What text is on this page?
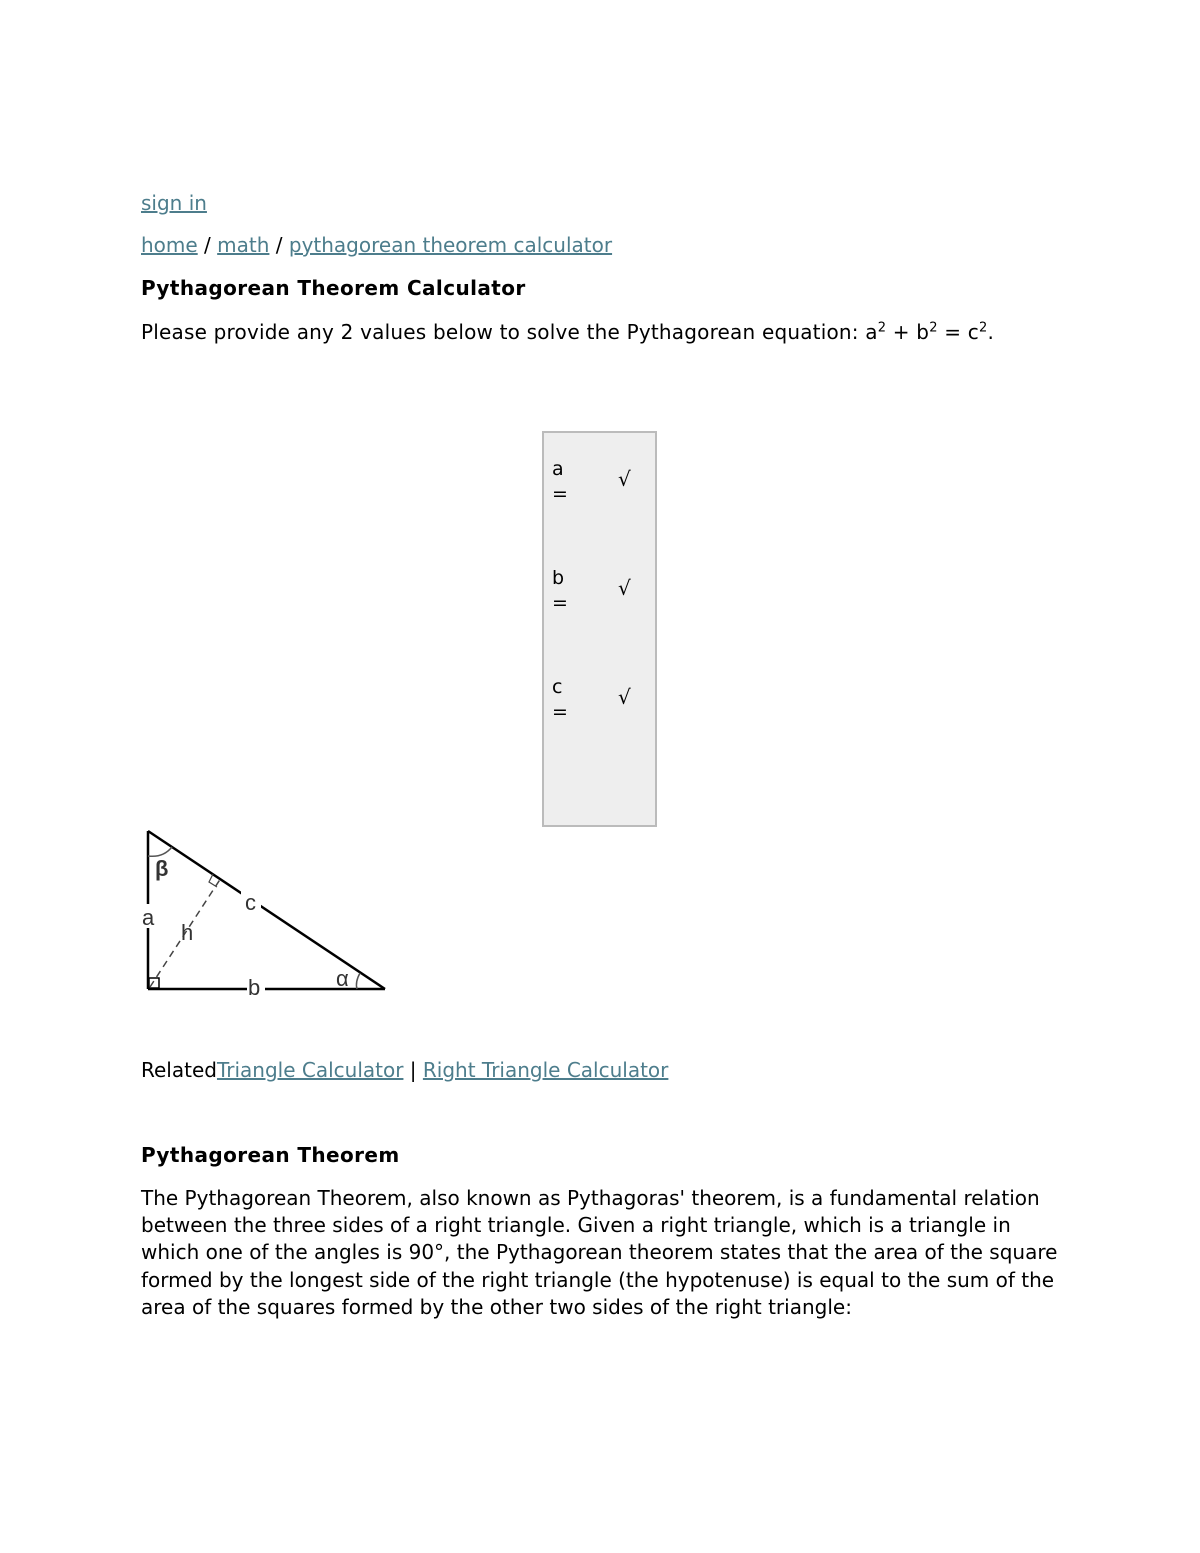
sign in
home / math / pythagorean theorem calculator
Pythagorean Theorem Calculator

Please provide any 2 values below to solve the Pythagorean equation: $a^2 + b^2 = c^2$.

a
=
√
b
=
√
c
=
√
β
a
h
c
b	α
RelatedTriangle Calculator | Right Triangle Calculator
Pythagorean Theorem

The Pythagorean Theorem, also known as Pythagoras' theorem, is a fundamental relation between the three sides of a right triangle. Given a right triangle, which is a triangle in which one of the angles is 90°, the Pythagorean theorem states that the area of the square formed by the longest side of the right triangle (the hypotenuse) is equal to the sum of the area of the squares formed by the other two sides of the right triangle:
